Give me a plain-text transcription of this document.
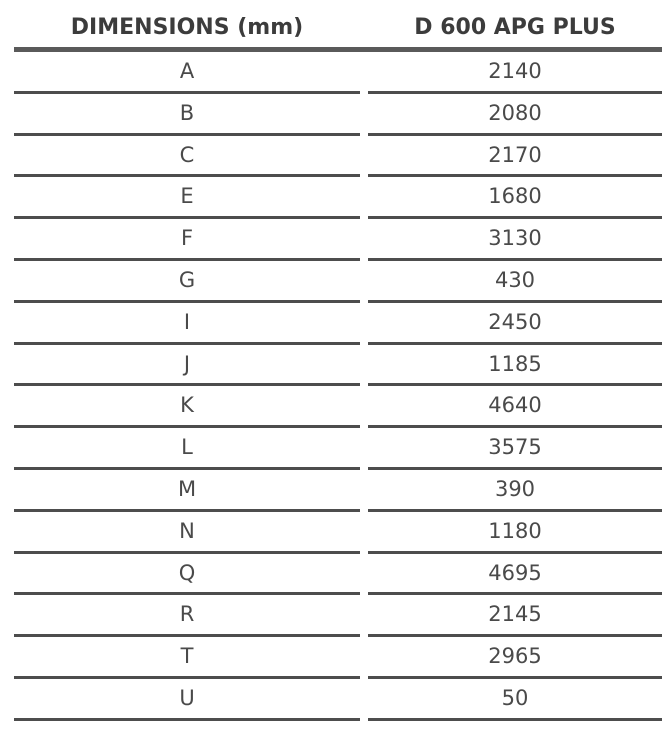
DIMENSIONS (mm)	D 600 APG PLUS
A	2140
B	2080
C	2170
E	1680
F	3130
G	430
I	2450
J	1185
K	4640
L	3575
M	390
N	1180
Q	4695
R	2145
T	2965
U	50
